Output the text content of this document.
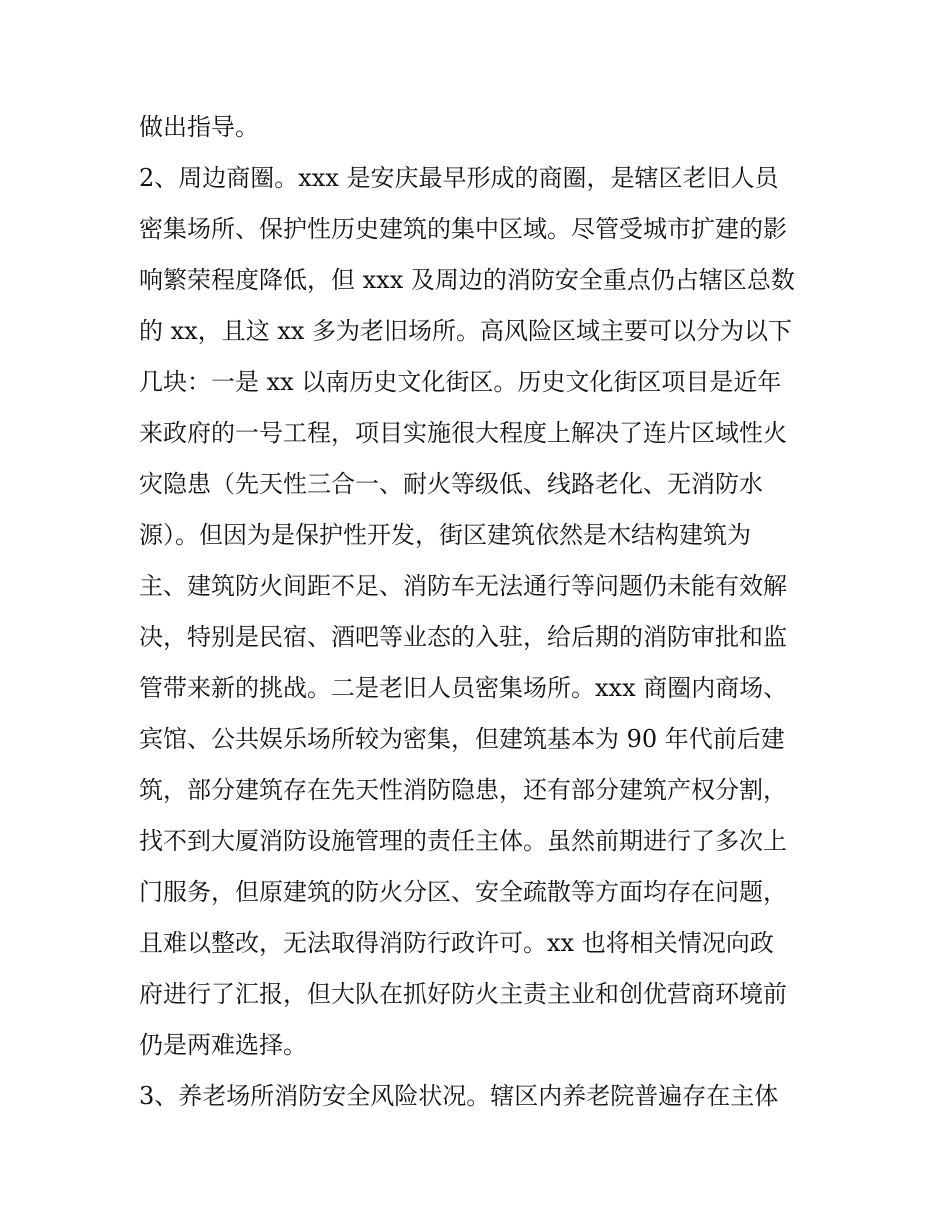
做出指导。
2、周边商圈。xxx 是安庆最早形成的商圈，是辖区老旧人员
密集场所、保护性历史建筑的集中区域。尽管受城市扩建的影
响繁荣程度降低，但 xxx 及周边的消防安全重点仍占辖区总数
的 xx，且这 xx 多为老旧场所。高风险区域主要可以分为以下
几块：一是 xx 以南历史文化街区。历史文化街区项目是近年
来政府的一号工程，项目实施很大程度上解决了连片区域性火
灾隐患（先天性三合一、耐火等级低、线路老化、无消防水
源）。但因为是保护性开发，街区建筑依然是木结构建筑为
主、建筑防火间距不足、消防车无法通行等问题仍未能有效解
决，特别是民宿、酒吧等业态的入驻，给后期的消防审批和监
管带来新的挑战。二是老旧人员密集场所。xxx 商圈内商场、
宾馆、公共娱乐场所较为密集，但建筑基本为 90 年代前后建
筑，部分建筑存在先天性消防隐患，还有部分建筑产权分割，
找不到大厦消防设施管理的责任主体。虽然前期进行了多次上
门服务，但原建筑的防火分区、安全疏散等方面均存在问题，
且难以整改，无法取得消防行政许可。xx 也将相关情况向政
府进行了汇报，但大队在抓好防火主责主业和创优营商环境前
仍是两难选择。
3、养老场所消防安全风险状况。辖区内养老院普遍存在主体
